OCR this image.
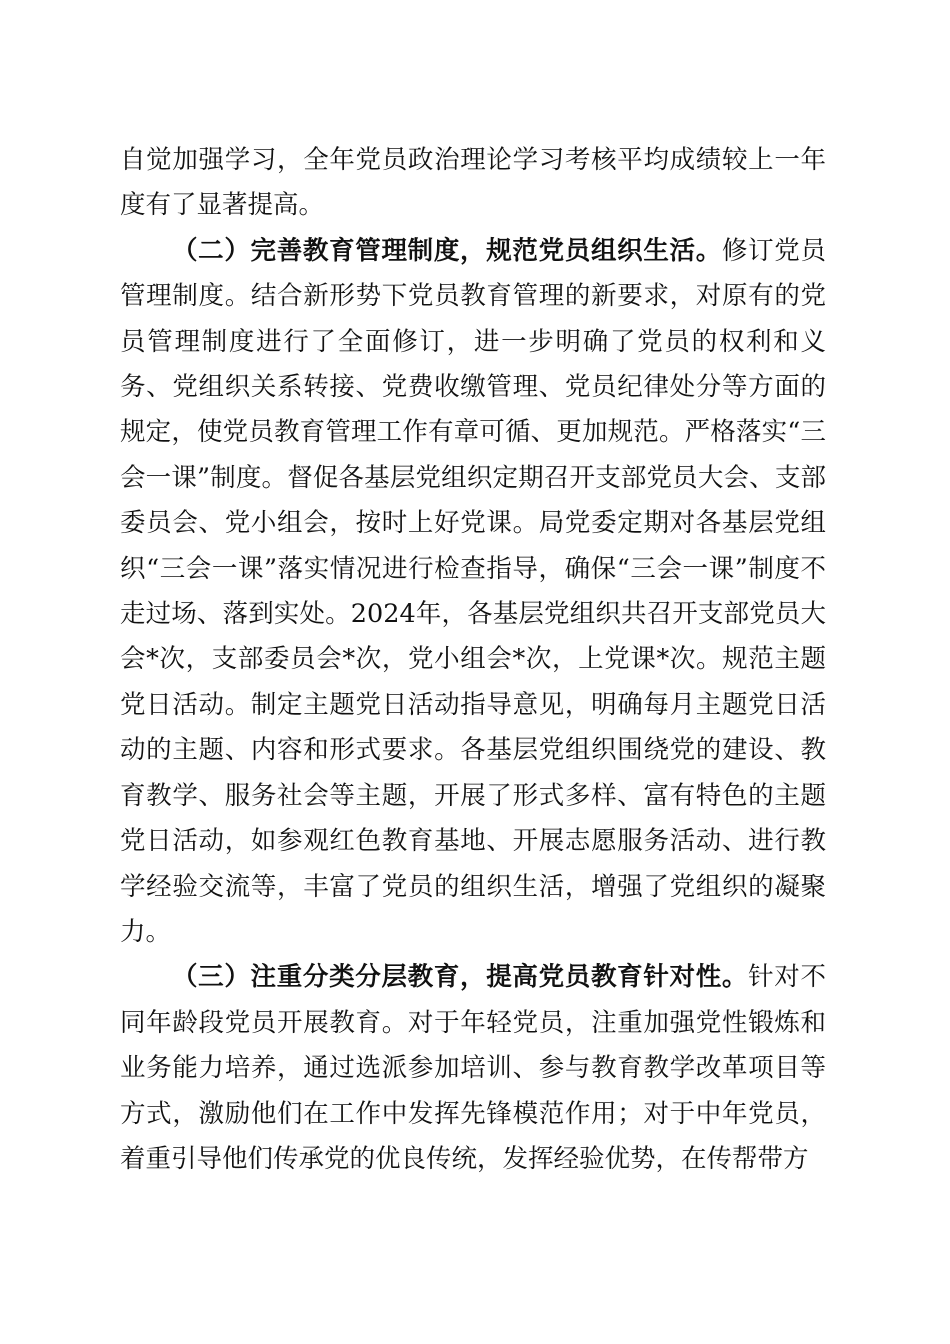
自觉加强学习，全年党员政治理论学习考核平均成绩较上一年度有了显著提高。

（二）完善教育管理制度，规范党员组织生活。修订党员管理制度。结合新形势下党员教育管理的新要求，对原有的党员管理制度进行了全面修订，进一步明确了党员的权利和义务、党组织关系转接、党费收缴管理、党员纪律处分等方面的规定，使党员教育管理工作有章可循、更加规范。严格落实“三会一课”制度。督促各基层党组织定期召开支部党员大会、支部委员会、党小组会，按时上好党课。局党委定期对各基层党组织“三会一课”落实情况进行检查指导，确保“三会一课”制度不走过场、落到实处。2024年，各基层党组织共召开支部党员大会*次，支部委员会*次，党小组会*次，上党课*次。规范主题党日活动。制定主题党日活动指导意见，明确每月主题党日活动的主题、内容和形式要求。各基层党组织围绕党的建设、教育教学、服务社会等主题，开展了形式多样、富有特色的主题党日活动，如参观红色教育基地、开展志愿服务活动、进行教学经验交流等，丰富了党员的组织生活，增强了党组织的凝聚力。

（三）注重分类分层教育，提高党员教育针对性。针对不同年龄段党员开展教育。对于年轻党员，注重加强党性锻炼和业务能力培养，通过选派参加培训、参与教育教学改革项目等方式，激励他们在工作中发挥先锋模范作用；对于中年党员，着重引导他们传承党的优良传统，发挥经验优势，在传帮带方
